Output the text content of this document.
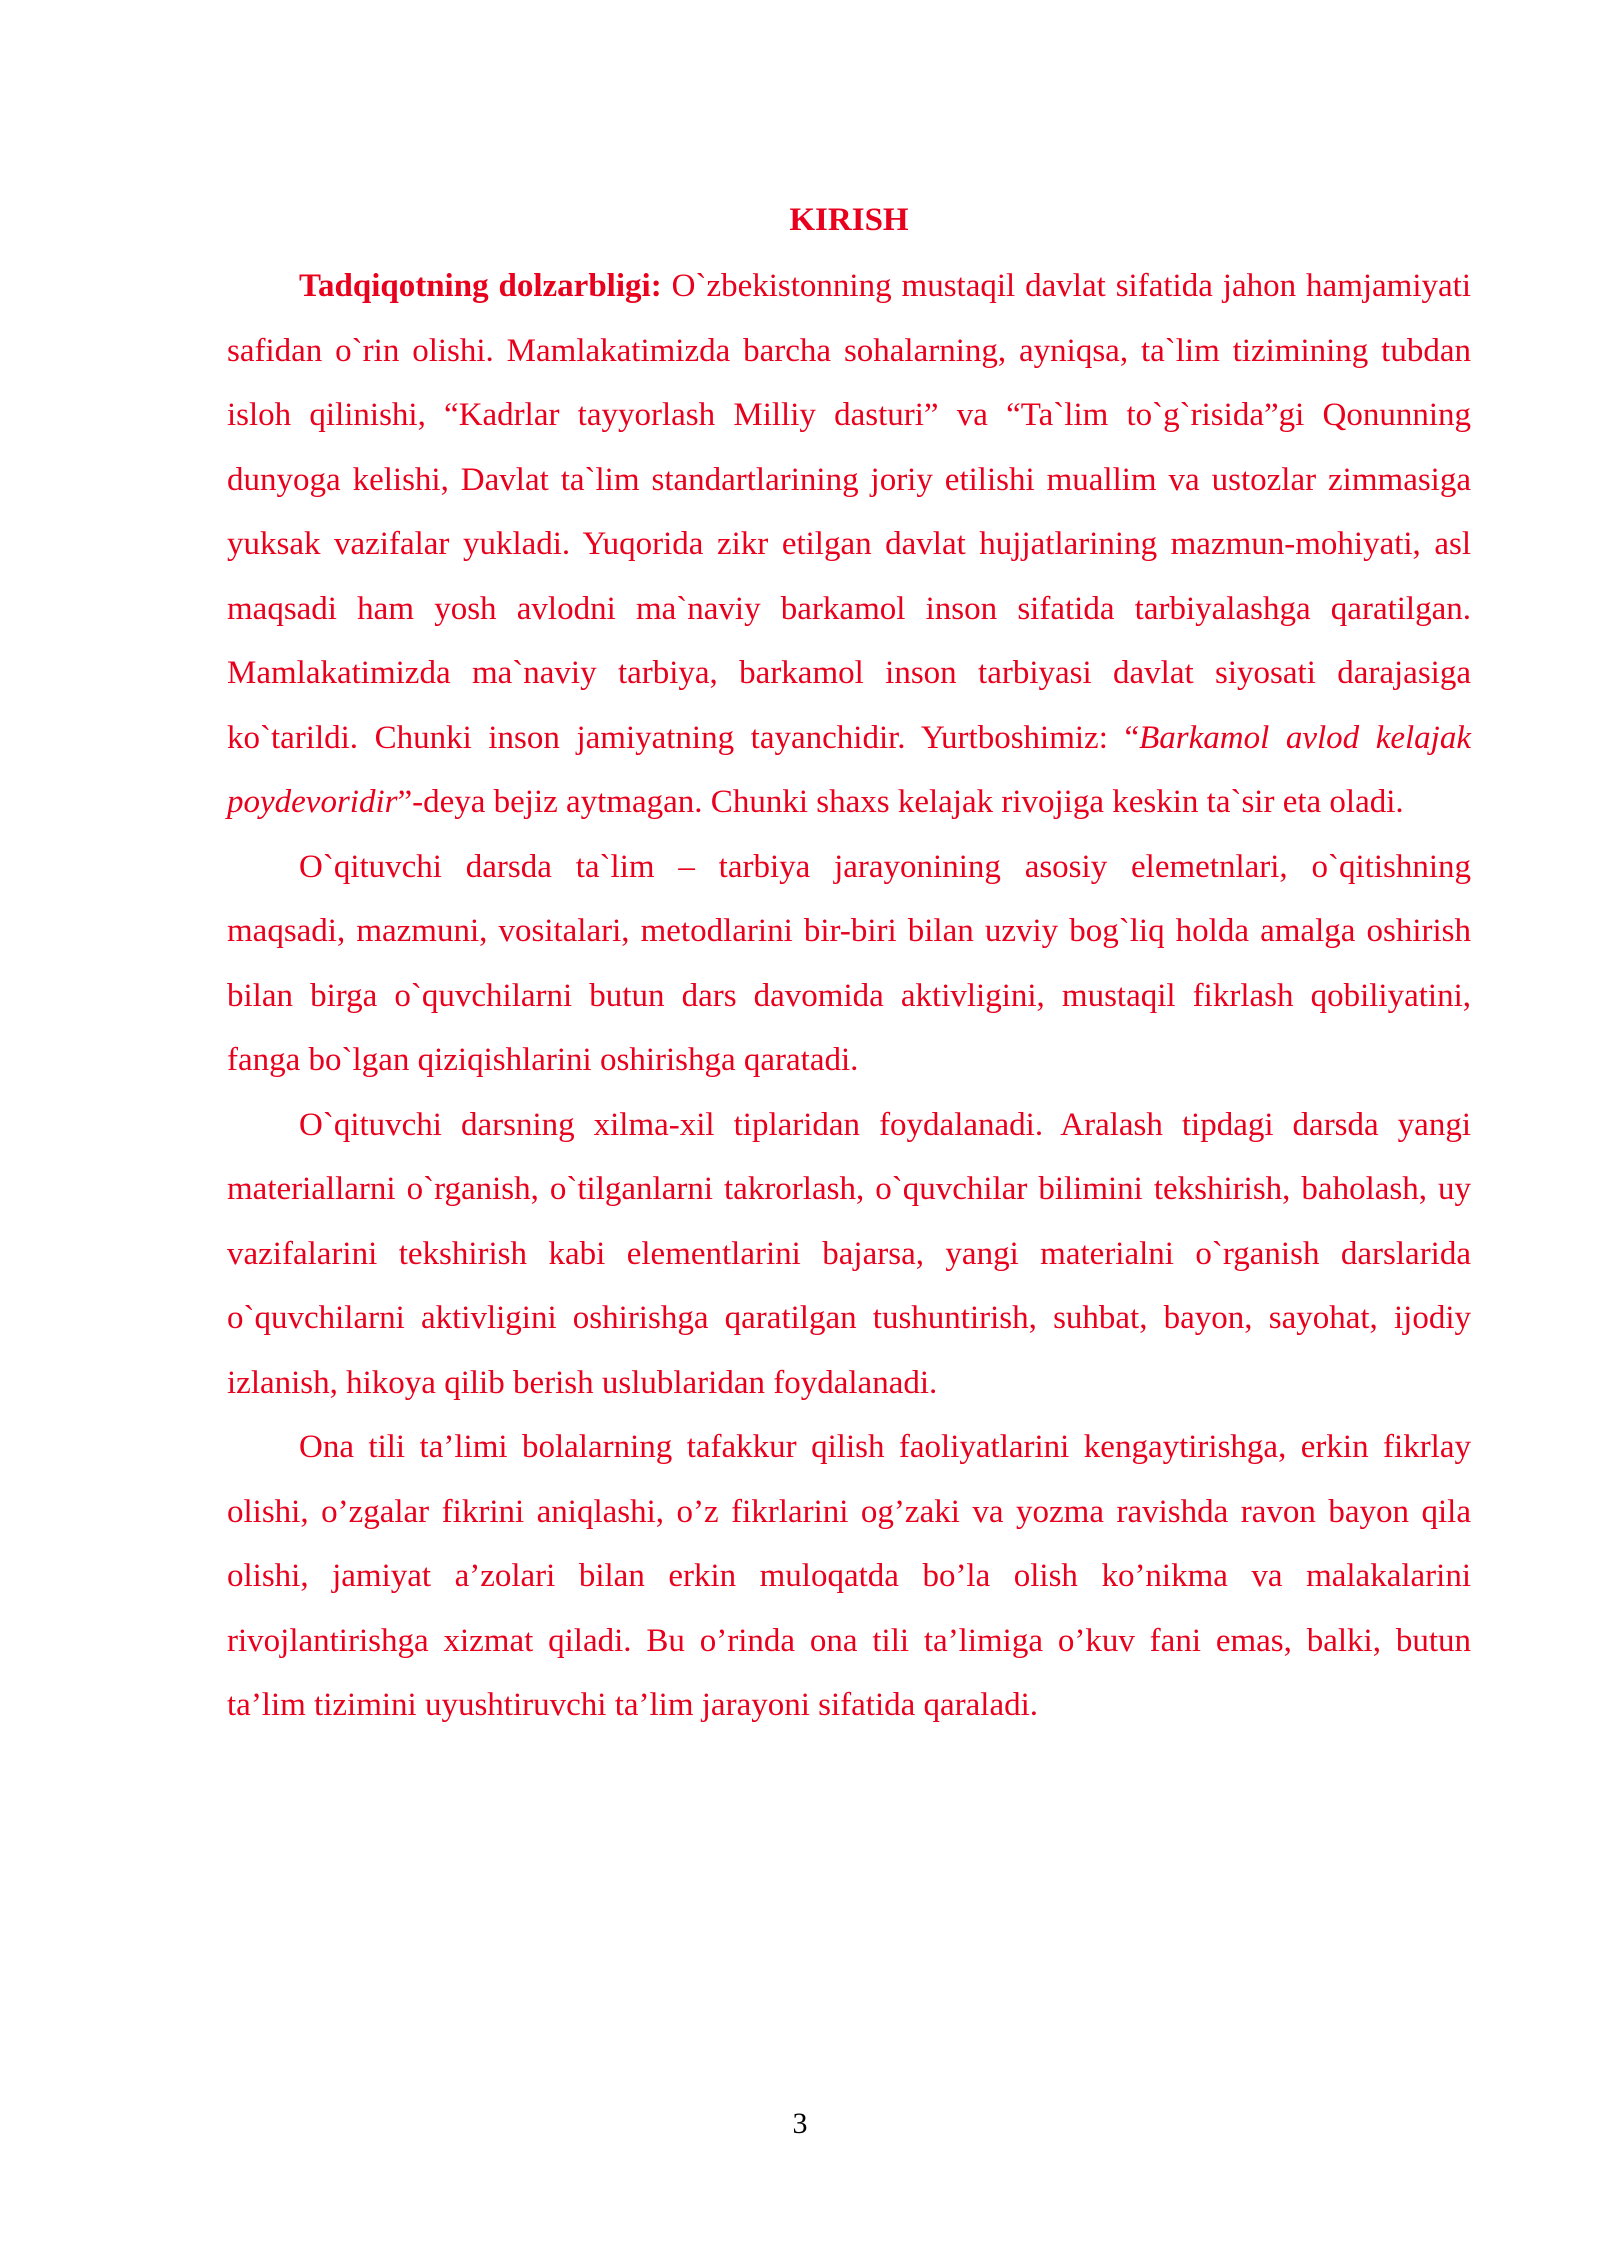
KIRISH

Tadqiqotning dolzarbligi: O`zbekistonning mustaqil davlat sifatida jahon hamjamiyati safidan o`rin olishi. Mamlakatimizda barcha sohalarning, ayniqsa, ta`lim tizimining tubdan isloh qilinishi, “Kadrlar tayyorlash Milliy dasturi” va “Ta`lim to`g`risida”gi Qonunning dunyoga kelishi, Davlat ta`lim standartlarining joriy etilishi muallim va ustozlar zimmasiga yuksak vazifalar yukladi. Yuqorida zikr etilgan davlat hujjatlarining mazmun-mohiyati, asl maqsadi ham yosh avlodni ma`naviy barkamol inson sifatida tarbiyalashga qaratilgan. Mamlakatimizda ma`naviy tarbiya, barkamol inson tarbiyasi davlat siyosati darajasiga ko`tarildi. Chunki inson jamiyatning tayanchidir. Yurtboshimiz: “Barkamol avlod kelajak poydevoridir”-deya bejiz aytmagan. Chunki shaxs kelajak rivojiga keskin ta`sir eta oladi.

O`qituvchi darsda ta`lim – tarbiya jarayonining asosiy elemetnlari, o`qitishning maqsadi, mazmuni, vositalari, metodlarini bir-biri bilan uzviy bog`liq holda amalga oshirish bilan birga o`quvchilarni butun dars davomida aktivligini, mustaqil fikrlash qobiliyatini, fanga bo`lgan qiziqishlarini oshirishga qaratadi.

O`qituvchi darsning xilma-xil tiplaridan foydalanadi. Aralash tipdagi darsda yangi materiallarni o`rganish, o`tilganlarni takrorlash, o`quvchilar bilimini tekshirish, baholash, uy vazifalarini tekshirish kabi elementlarini bajarsa, yangi materialni o`rganish darslarida o`quvchilarni aktivligini oshirishga qaratilgan tushuntirish, suhbat, bayon, sayohat, ijodiy izlanish, hikoya qilib berish uslublaridan foydalanadi.

Ona tili ta’limi bolalarning tafakkur qilish faoliyatlarini kengaytirishga, erkin fikrlay olishi, o’zgalar fikrini aniqlashi, o’z fikrlarini og’zaki va yozma ravishda ravon bayon qila olishi, jamiyat a’zolari bilan erkin muloqatda bo’la olish ko’nikma va malakalarini rivojlantirishga xizmat qiladi. Bu o’rinda ona tili ta’limiga o’kuv fani emas, balki, butun ta’lim tizimini uyushtiruvchi ta’lim jarayoni sifatida qaraladi.

3
